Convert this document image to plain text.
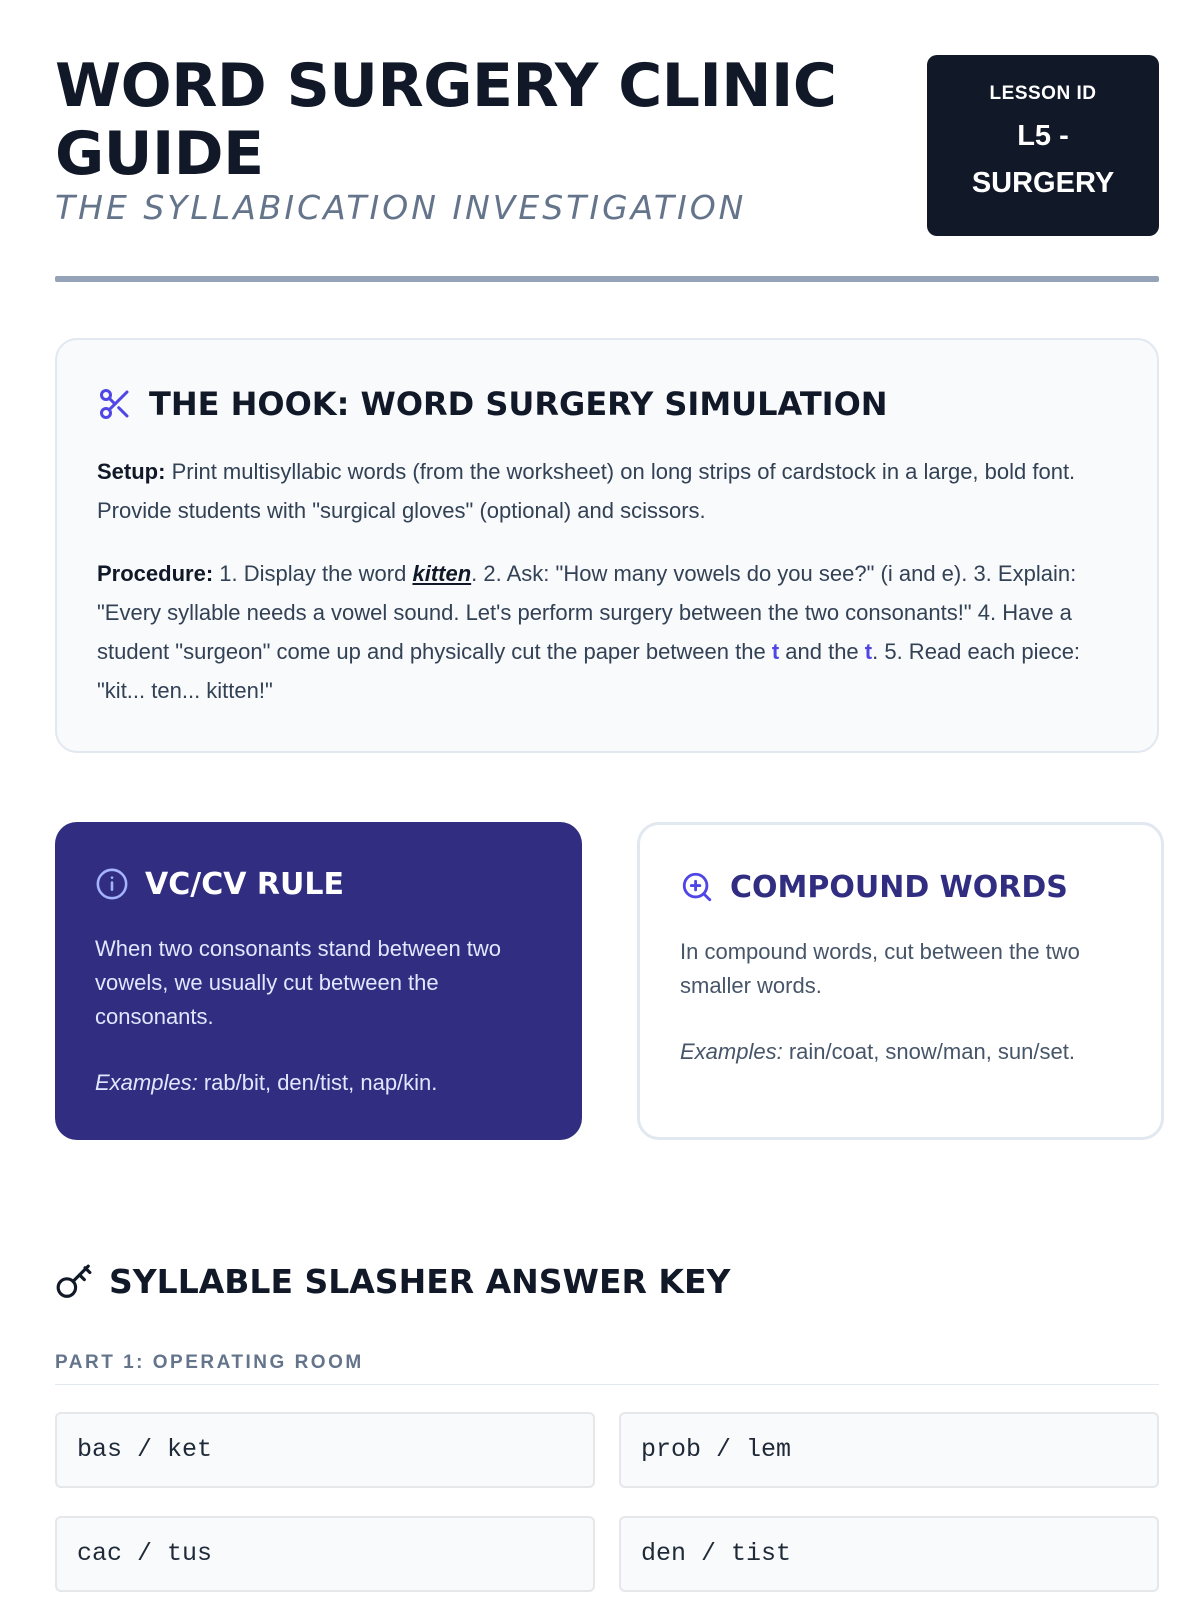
WORD SURGERY CLINIC GUIDE
THE SYLLABICATION INVESTIGATION
LESSON ID
L5 - SURGERY
THE HOOK: WORD SURGERY SIMULATION

Setup: Print multisyllabic words (from the worksheet) on long strips of cardstock in a large, bold font. Provide students with "surgical gloves" (optional) and scissors.

Procedure: 1. Display the word kitten. 2. Ask: "How many vowels do you see?" (i and e). 3. Explain: "Every syllable needs a vowel sound. Let's perform surgery between the two consonants!" 4. Have a student "surgeon" come up and physically cut the paper between the t and the t. 5. Read each piece: "kit... ten... kitten!"

VC/CV RULE

When two consonants stand between two vowels, we usually cut between the consonants.

Examples: rab/bit, den/tist, nap/kin.

COMPOUND WORDS

In compound words, cut between the two smaller words.

Examples: rain/coat, snow/man, sun/set.

SYLLABLE SLASHER ANSWER KEY
PART 1: OPERATING ROOM
bas / ket	prob / lem
cac / tus	den / tist
